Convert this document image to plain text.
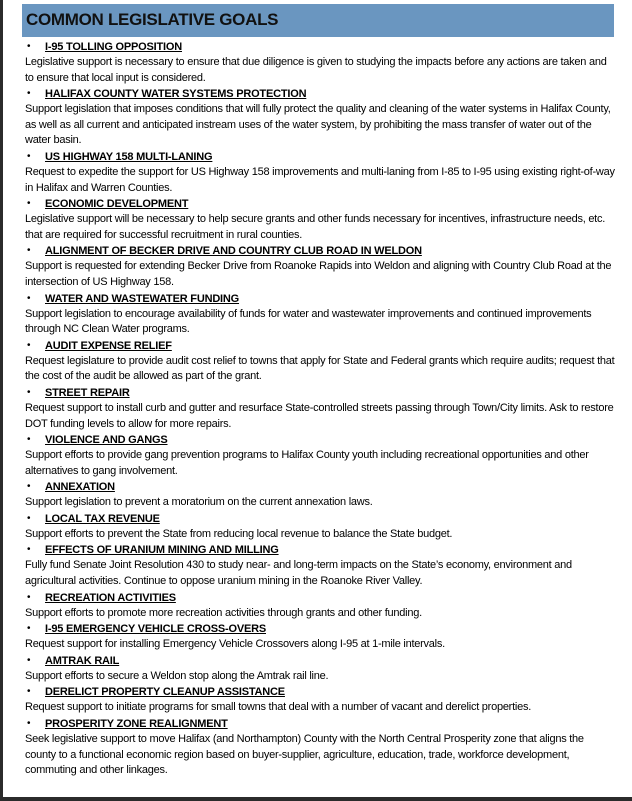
COMMON LEGISLATIVE GOALS
•	I-95 TOLLING OPPOSITION

Legislative support is necessary to ensure that due diligence is given to studying the impacts before any actions are taken and to ensure that local input is considered.

•	HALIFAX COUNTY WATER SYSTEMS PROTECTION

Support legislation that imposes conditions that will fully protect the quality and cleaning of the water systems in Halifax County, as well as all current and anticipated instream uses of the water system, by prohibiting the mass transfer of water out of the water basin.

•	US HIGHWAY 158 MULTI-LANING

Request to expedite the support for US Highway 158 improvements and multi-laning from I-85 to I-95 using existing right-of-way in Halifax and Warren Counties.

•	ECONOMIC DEVELOPMENT

Legislative support will be necessary to help secure grants and other funds necessary for incentives, infrastructure needs, etc. that are required for successful recruitment in rural counties.

•	ALIGNMENT OF BECKER DRIVE AND COUNTRY CLUB ROAD IN WELDON

Support is requested for extending Becker Drive from Roanoke Rapids into Weldon and aligning with Country Club Road at the intersection of US Highway 158.

•	WATER AND WASTEWATER FUNDING

Support legislation to encourage availability of funds for water and wastewater improvements and continued improvements through NC Clean Water programs.

•	AUDIT EXPENSE RELIEF

Request legislature to provide audit cost relief to towns that apply for State and Federal grants which require audits; request that the cost of the audit be allowed as part of the grant.

•	STREET REPAIR

Request support to install curb and gutter and resurface State-controlled streets passing through Town/City limits. Ask to restore DOT funding levels to allow for more repairs.

•	VIOLENCE AND GANGS

Support efforts to provide gang prevention programs to Halifax County youth including recreational opportunities and other alternatives to gang involvement.

•	ANNEXATION

Support legislation to prevent a moratorium on the current annexation laws.

•	LOCAL TAX REVENUE

Support efforts to prevent the State from reducing local revenue to balance the State budget.

•	EFFECTS OF URANIUM MINING AND MILLING

Fully fund Senate Joint Resolution 430 to study near- and long-term impacts on the State’s economy, environment and agricultural activities. Continue to oppose uranium mining in the Roanoke River Valley.

•	RECREATION ACTIVITIES

Support efforts to promote more recreation activities through grants and other funding.

•	I-95 EMERGENCY VEHICLE CROSS-OVERS

Request support for installing Emergency Vehicle Crossovers along I-95 at 1-mile intervals.

•	AMTRAK RAIL

Support efforts to secure a Weldon stop along the Amtrak rail line.

•	DERELICT PROPERTY CLEANUP ASSISTANCE

Request support to initiate programs for small towns that deal with a number of vacant and derelict properties.

•	PROSPERITY ZONE REALIGNMENT

Seek legislative support to move Halifax (and Northampton) County with the North Central Prosperity zone that aligns the county to a functional economic region based on buyer-supplier, agriculture, education, trade, workforce development, commuting and other linkages.
